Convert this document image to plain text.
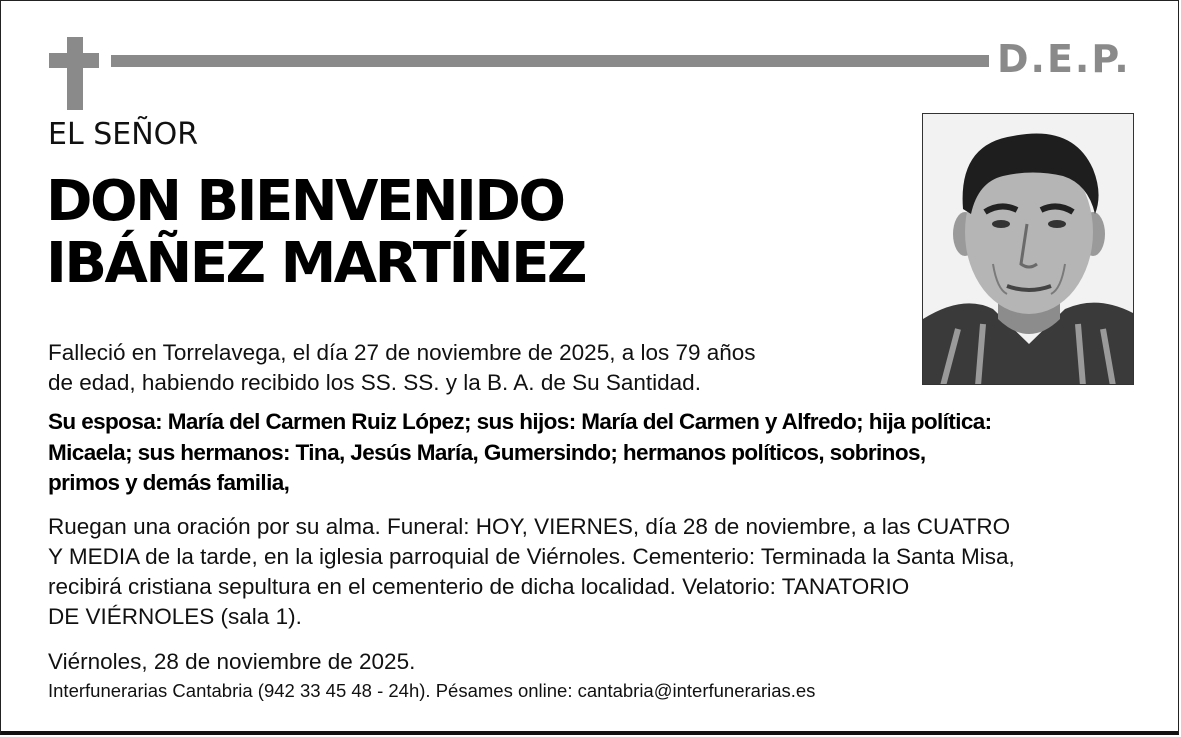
D.E.P.
EL SEÑOR
DON BIENVENIDO
IBÁÑEZ MARTÍNEZ
Falleció en Torrelavega, el día 27 de noviembre de 2025, a los 79 años
de edad, habiendo recibido los SS. SS. y la B. A. de Su Santidad.
Su esposa: María del Carmen Ruiz López; sus hijos: María del Carmen y Alfredo; hija política:
Micaela; sus hermanos: Tina, Jesús María, Gumersindo; hermanos políticos, sobrinos,
primos y demás familia,
Ruegan una oración por su alma. Funeral: HOY, VIERNES, día 28 de noviembre, a las CUATRO
Y MEDIA de la tarde, en la iglesia parroquial de Viérnoles. Cementerio: Terminada la Santa Misa,
recibirá cristiana sepultura en el cementerio de dicha localidad. Velatorio: TANATORIO
DE VIÉRNOLES (sala 1).
Viérnoles, 28 de noviembre de 2025.
Interfunerarias Cantabria (942 33 45 48 - 24h). Pésames online: cantabria@interfunerarias.es
